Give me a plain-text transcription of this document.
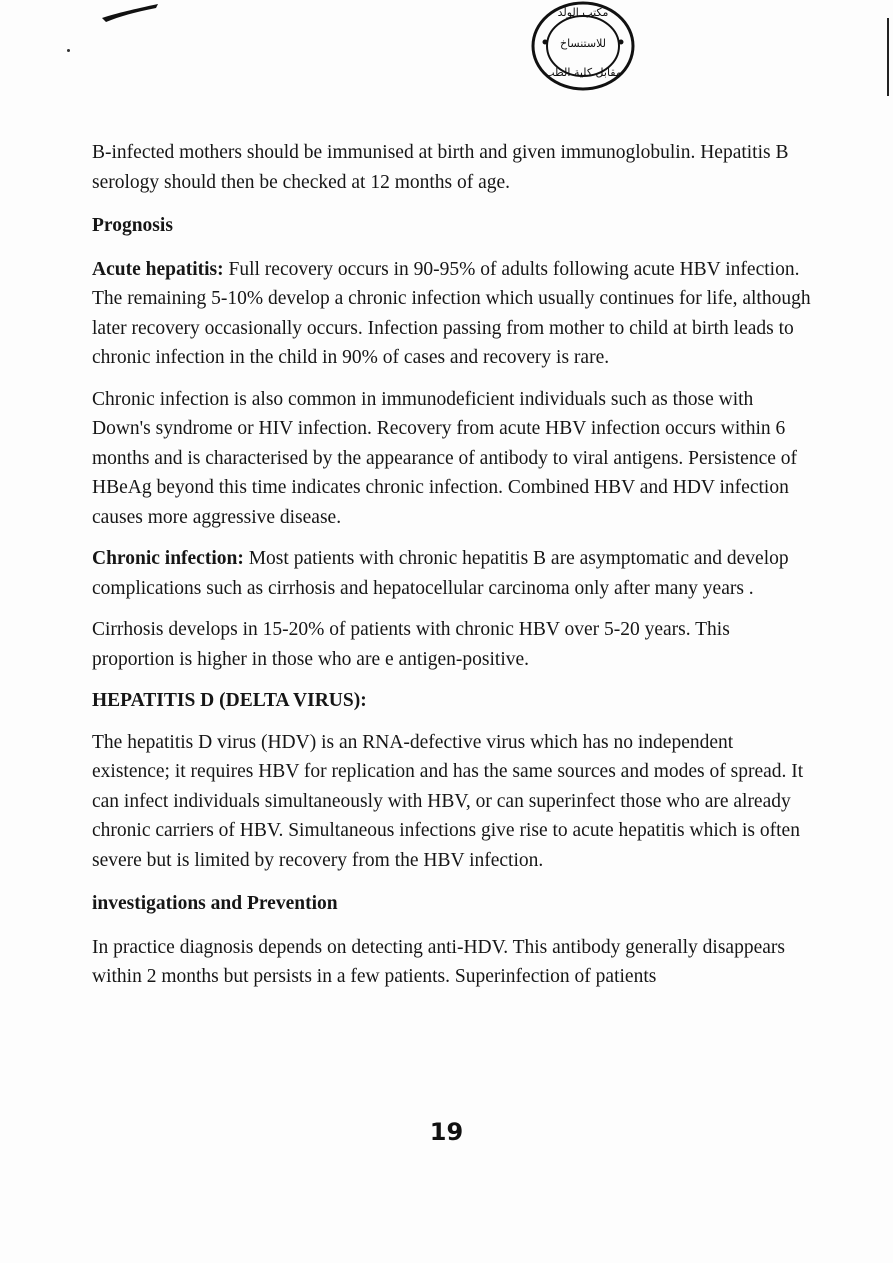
مكتب الولد
للاستنساخ
مقابل كلية الطب

B-infected mothers should be immunised at birth and given immunoglobulin. Hepatitis B serology should then be checked at 12 months of age.

Prognosis

Acute hepatitis: Full recovery occurs in 90-95% of adults following acute HBV infection. The remaining 5-10% develop a chronic infection which usually continues for life, although later recovery occasionally occurs. Infection passing from mother to child at birth leads to chronic infection in the child in 90% of cases and recovery is rare.

Chronic infection is also common in immunodeficient individuals such as those with Down's syndrome or HIV infection. Recovery from acute HBV infection occurs within 6 months and is characterised by the appearance of antibody to viral antigens. Persistence of HBeAg beyond this time indicates chronic infection. Combined HBV and HDV infection causes more aggressive disease.

Chronic infection: Most patients with chronic hepatitis B are asymptomatic and develop complications such as cirrhosis and hepatocellular carcinoma only after many years .

Cirrhosis develops in 15-20% of patients with chronic HBV over 5-20 years. This proportion is higher in those who are e antigen-positive.

HEPATITIS D (DELTA VIRUS):

The hepatitis D virus (HDV) is an RNA-defective virus which has no independent existence; it requires HBV for replication and has the same sources and modes of spread. It can infect individuals simultaneously with HBV, or can superinfect those who are already chronic carriers of HBV. Simultaneous infections give rise to acute hepatitis which is often severe but is limited by recovery from the HBV infection.

investigations and Prevention

In practice diagnosis depends on detecting anti-HDV. This antibody generally disappears within 2 months but persists in a few patients. Superinfection of patients

19
